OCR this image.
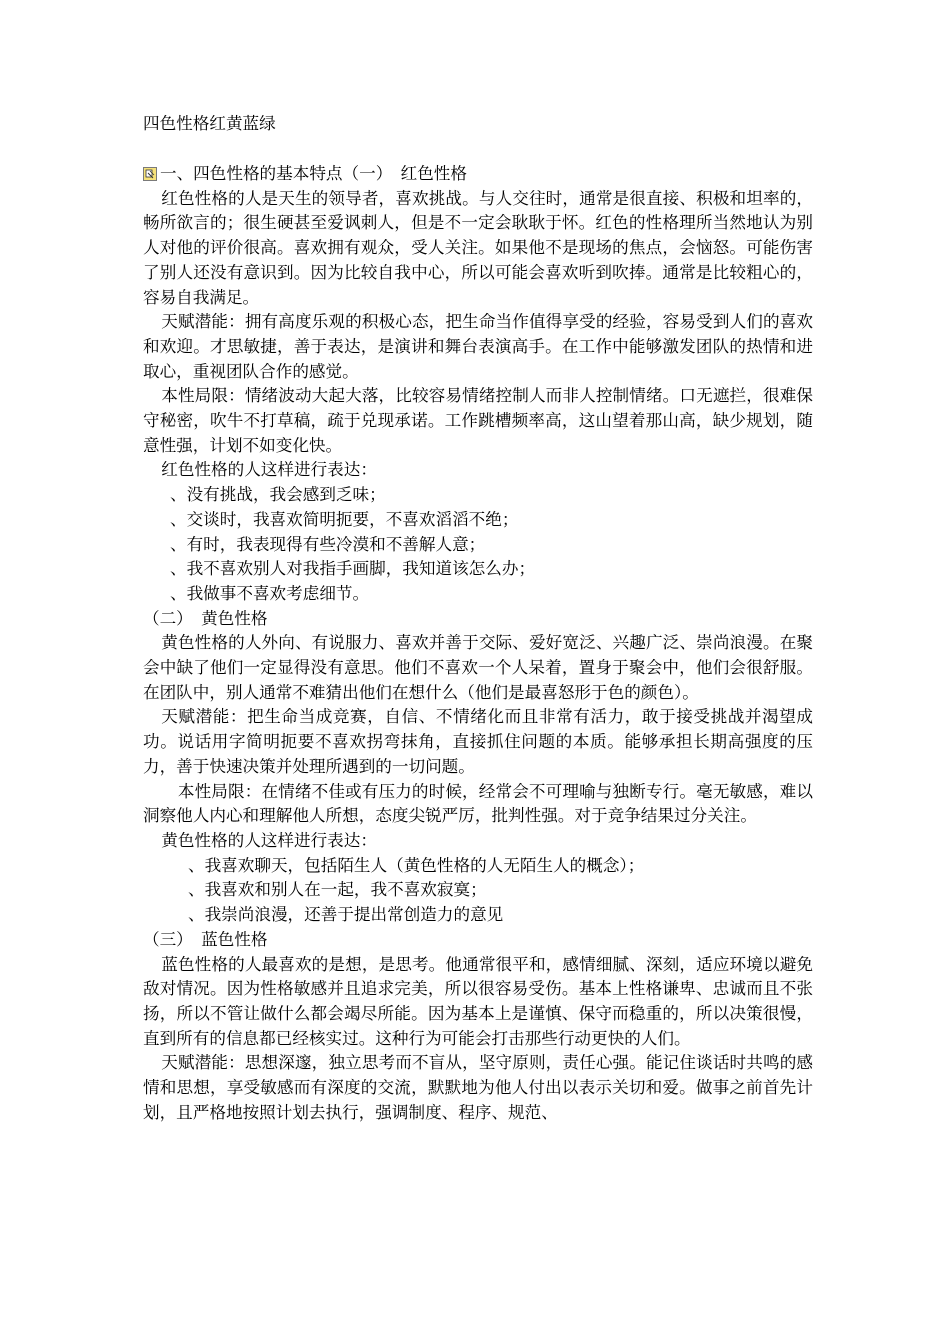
四色性格红黄蓝绿
一、四色性格的基本特点（一）　红色性格

红色性格的人是天生的领导者，喜欢挑战。与人交往时，通常是很直接、积极和坦率的，畅所欲言的；很生硬甚至爱讽刺人，但是不一定会耿耿于怀。红色的性格理所当然地认为别人对他的评价很高。喜欢拥有观众，受人关注。如果他不是现场的焦点，会恼怒。可能伤害了别人还没有意识到。因为比较自我中心，所以可能会喜欢听到吹捧。通常是比较粗心的，容易自我满足。

天赋潜能：拥有高度乐观的积极心态，把生命当作值得享受的经验，容易受到人们的喜欢和欢迎。才思敏捷，善于表达，是演讲和舞台表演高手。在工作中能够激发团队的热情和进取心，重视团队合作的感觉。

本性局限：情绪波动大起大落，比较容易情绪控制人而非人控制情绪。口无遮拦，很难保守秘密，吹牛不打草稿，疏于兑现承诺。工作跳槽频率高，这山望着那山高，缺少规划，随意性强，计划不如变化快。

红色性格的人这样进行表达：

、没有挑战，我会感到乏味；

、交谈时，我喜欢简明扼要，不喜欢滔滔不绝；

、有时，我表现得有些冷漠和不善解人意；

、我不喜欢别人对我指手画脚，我知道该怎么办；

、我做事不喜欢考虑细节。

（二）　黄色性格

黄色性格的人外向、有说服力、喜欢并善于交际、爱好宽泛、兴趣广泛、崇尚浪漫。在聚会中缺了他们一定显得没有意思。他们不喜欢一个人呆着，置身于聚会中，他们会很舒服。在团队中，别人通常不难猜出他们在想什么（他们是最喜怒形于色的颜色）。

天赋潜能：把生命当成竞赛，自信、不情绪化而且非常有活力，敢于接受挑战并渴望成功。说话用字简明扼要不喜欢拐弯抹角，直接抓住问题的本质。能够承担长期高强度的压力，善于快速决策并处理所遇到的一切问题。

本性局限：在情绪不佳或有压力的时候，经常会不可理喻与独断专行。毫无敏感，难以洞察他人内心和理解他人所想，态度尖锐严厉，批判性强。对于竞争结果过分关注。

黄色性格的人这样进行表达：

、我喜欢聊天，包括陌生人（黄色性格的人无陌生人的概念）；

、我喜欢和别人在一起，我不喜欢寂寞；

、我崇尚浪漫，还善于提出常创造力的意见

（三）　蓝色性格

蓝色性格的人最喜欢的是想，是思考。他通常很平和，感情细腻、深刻，适应环境以避免敌对情况。因为性格敏感并且追求完美，所以很容易受伤。基本上性格谦卑、忠诚而且不张扬，所以不管让做什么都会竭尽所能。因为基本上是谨慎、保守而稳重的，所以决策很慢，直到所有的信息都已经核实过。这种行为可能会打击那些行动更快的人们。

天赋潜能：思想深邃，独立思考而不盲从，坚守原则，责任心强。能记住谈话时共鸣的感情和思想，享受敏感而有深度的交流，默默地为他人付出以表示关切和爱。做事之前首先计划，且严格地按照计划去执行，强调制度、程序、规范、
